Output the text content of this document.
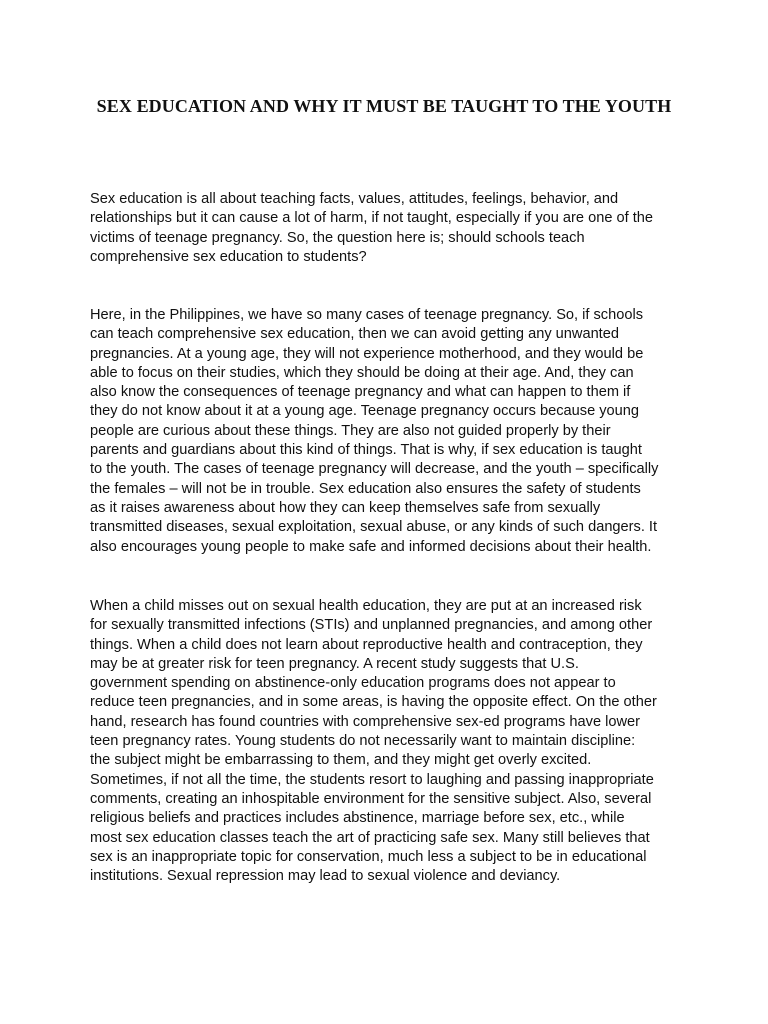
SEX EDUCATION AND WHY IT MUST BE TAUGHT TO THE YOUTH

Sex education is all about teaching facts, values, attitudes, feelings, behavior, and
relationships but it can cause a lot of harm, if not taught, especially if you are one of the
victims of teenage pregnancy. So, the question here is; should schools teach
comprehensive sex education to students?

Here, in the Philippines, we have so many cases of teenage pregnancy. So, if schools
can teach comprehensive sex education, then we can avoid getting any unwanted
pregnancies. At a young age, they will not experience motherhood, and they would be
able to focus on their studies, which they should be doing at their age. And, they can
also know the consequences of teenage pregnancy and what can happen to them if
they do not know about it at a young age. Teenage pregnancy occurs because young
people are curious about these things. They are also not guided properly by their
parents and guardians about this kind of things. That is why, if sex education is taught
to the youth. The cases of teenage pregnancy will decrease, and the youth – specifically
the females – will not be in trouble. Sex education also ensures the safety of students
as it raises awareness about how they can keep themselves safe from sexually
transmitted diseases, sexual exploitation, sexual abuse, or any kinds of such dangers. It
also encourages young people to make safe and informed decisions about their health.

When a child misses out on sexual health education, they are put at an increased risk
for sexually transmitted infections (STIs) and unplanned pregnancies, and among other
things. When a child does not learn about reproductive health and contraception, they
may be at greater risk for teen pregnancy. A recent study suggests that U.S.
government spending on abstinence-only education programs does not appear to
reduce teen pregnancies, and in some areas, is having the opposite effect. On the other
hand, research has found countries with comprehensive sex-ed programs have lower
teen pregnancy rates. Young students do not necessarily want to maintain discipline:
the subject might be embarrassing to them, and they might get overly excited.
Sometimes, if not all the time, the students resort to laughing and passing inappropriate
comments, creating an inhospitable environment for the sensitive subject. Also, several
religious beliefs and practices includes abstinence, marriage before sex, etc., while
most sex education classes teach the art of practicing safe sex. Many still believes that
sex is an inappropriate topic for conservation, much less a subject to be in educational
institutions. Sexual repression may lead to sexual violence and deviancy.
